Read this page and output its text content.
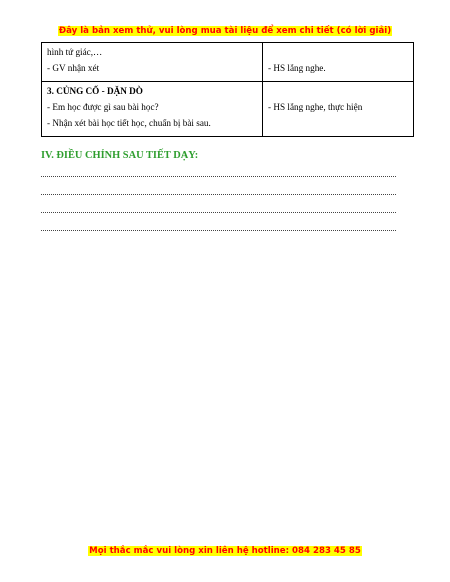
Đây là bản xem thử, vui lòng mua tài liệu để xem chi tiết (có lời giải)
hình tứ giác,…
- GV nhận xét	- HS lắng nghe.

3. CỦNG CỐ - DẶN DÒ
- Em học được gì sau bài học?
- Nhận xét bài học tiết học, chuẩn bị bài sau.	- HS lắng nghe, thực hiện
IV. ĐIỀU CHỈNH SAU TIẾT DẠY:
Mọi thắc mắc vui lòng xin liên hệ hotline: 084 283 45 85
